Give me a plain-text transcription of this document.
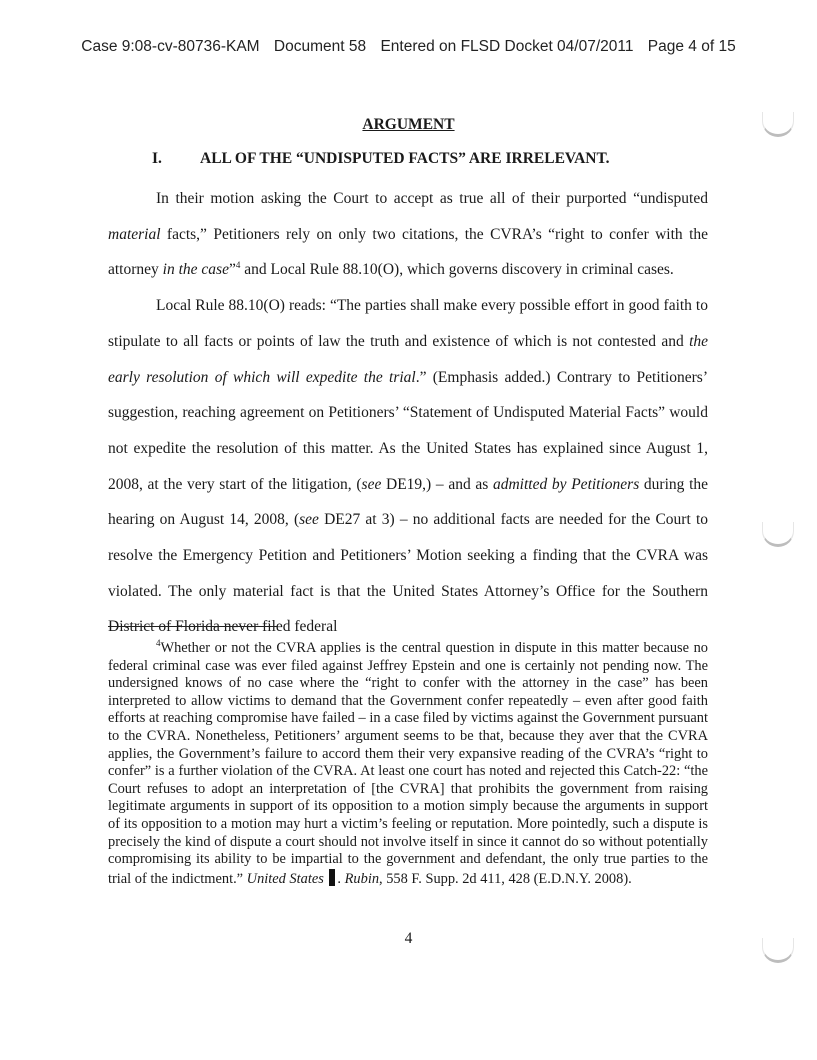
Case 9:08-cv-80736-KAM Document 58 Entered on FLSD Docket 04/07/2011 Page 4 of 15
ARGUMENT
I. ALL OF THE “UNDISPUTED FACTS” ARE IRRELEVANT.

In their motion asking the Court to accept as true all of their purported “undisputed material facts,” Petitioners rely on only two citations, the CVRA’s “right to confer with the attorney in the case”$^4$ and Local Rule 88.10(O), which governs discovery in criminal cases.

Local Rule 88.10(O) reads: “The parties shall make every possible effort in good faith to stipulate to all facts or points of law the truth and existence of which is not contested and the early resolution of which will expedite the trial.” (Emphasis added.) Contrary to Petitioners’ suggestion, reaching agreement on Petitioners’ “Statement of Undisputed Material Facts” would not expedite the resolution of this matter. As the United States has explained since August 1, 2008, at the very start of the litigation, (see DE19,) – and as admitted by Petitioners during the hearing on August 14, 2008, (see DE27 at 3) – no additional facts are needed for the Court to resolve the Emergency Petition and Petitioners’ Motion seeking a finding that the CVRA was violated. The only material fact is that the United States Attorney’s Office for the Southern District of Florida never filed federal

$^4$Whether or not the CVRA applies is the central question in dispute in this matter because no federal criminal case was ever filed against Jeffrey Epstein and one is certainly not pending now. The undersigned knows of no case where the “right to confer with the attorney in the case” has been interpreted to allow victims to demand that the Government confer repeatedly – even after good faith efforts at reaching compromise have failed – in a case filed by victims against the Government pursuant to the CVRA. Nonetheless, Petitioners’ argument seems to be that, because they aver that the CVRA applies, the Government’s failure to accord them their very expansive reading of the CVRA’s “right to confer” is a further violation of the CVRA. At least one court has noted and rejected this Catch-22: “the Court refuses to adopt an interpretation of [the CVRA] that prohibits the government from raising legitimate arguments in support of its opposition to a motion simply because the arguments in support of its opposition to a motion may hurt a victim’s feeling or reputation. More pointedly, such a dispute is precisely the kind of dispute a court should not involve itself in since it cannot do so without potentially compromising its ability to be impartial to the government and defendant, the only true parties to the trial of the indictment.” United States . Rubin, 558 F. Supp. 2d 411, 428 (E.D.N.Y. 2008).

4
